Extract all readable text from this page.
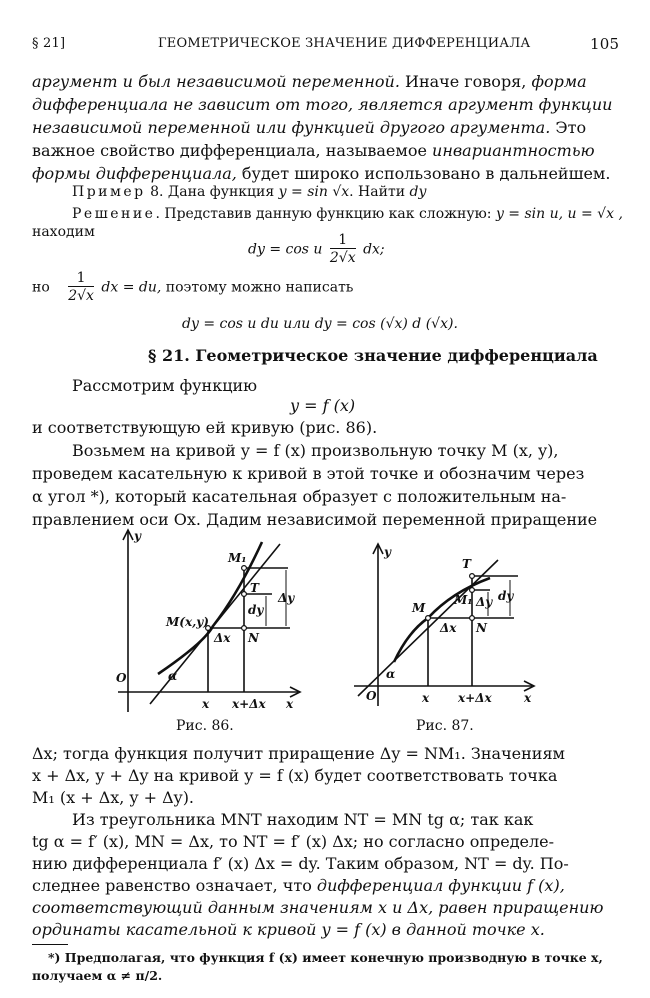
§ 21]	ГЕОМЕТРИЧЕСКОЕ ЗНАЧЕНИЕ ДИФФЕРЕНЦИАЛА	105
аргумент и был независимой переменной. Иначе говоря, форма
дифференциала не зависит от того, является аргумент функции
независимой переменной или функцией другого аргумента. Это
важное свойство дифференциала, называемое инвариантностью
формы дифференциала, будет широко использовано в дальнейшем.
Пример 8. Дана функция y = sin √x. Найти dy
Решение. Представив данную функцию как сложную: y = sin u, u = √x ,
находим
dy = cos u $\frac{1}{2√x}$ dx;
но $\frac{1}{2√x}$ dx = du, поэтому можно написать
dy = cos u du или dy = cos (√x) d (√x).
§ 21. Геометрическое значение дифференциала
Рассмотрим функцию
y = f (x)
и соответствующую ей кривую (рис. 86).
Возьмем на кривой y = f (x) произвольную точку M (x, y),
проведем касательную к кривой в этой точке и обозначим через
α угол *), который касательная образует с положительным на-
правлением оси Ox. Дадим независимой переменной приращение
y
M₁
T
Δy
dy
M(x,y)
Δx N
O	α
x x+Δx x
Рис. 86.
y
T
M
M₁ Δy dy
Δx N
O
α
x x+Δx	x
Рис. 87.
Δx; тогда функция получит приращение Δy = NM₁. Значениям
x + Δx, y + Δy на кривой y = f (x) будет соответствовать точка
M₁ (x + Δx, y + Δy).
Из треугольника MNT находим NT = MN tg α; так как
tg α = f′ (x), MN = Δx, то NT = f′ (x) Δx; но согласно определе-
нию дифференциала f′ (x) Δx = dy. Таким образом, NT = dy. По-
следнее равенство означает, что дифференциал функции f (x),
соответствующий данным значениям x и Δx, равен приращению
ординаты касательной к кривой y = f (x) в данной точке x.
*) Предполагая, что функция f (x) имеет конечную производную в точке x,
получаем α ≠ π/2.
